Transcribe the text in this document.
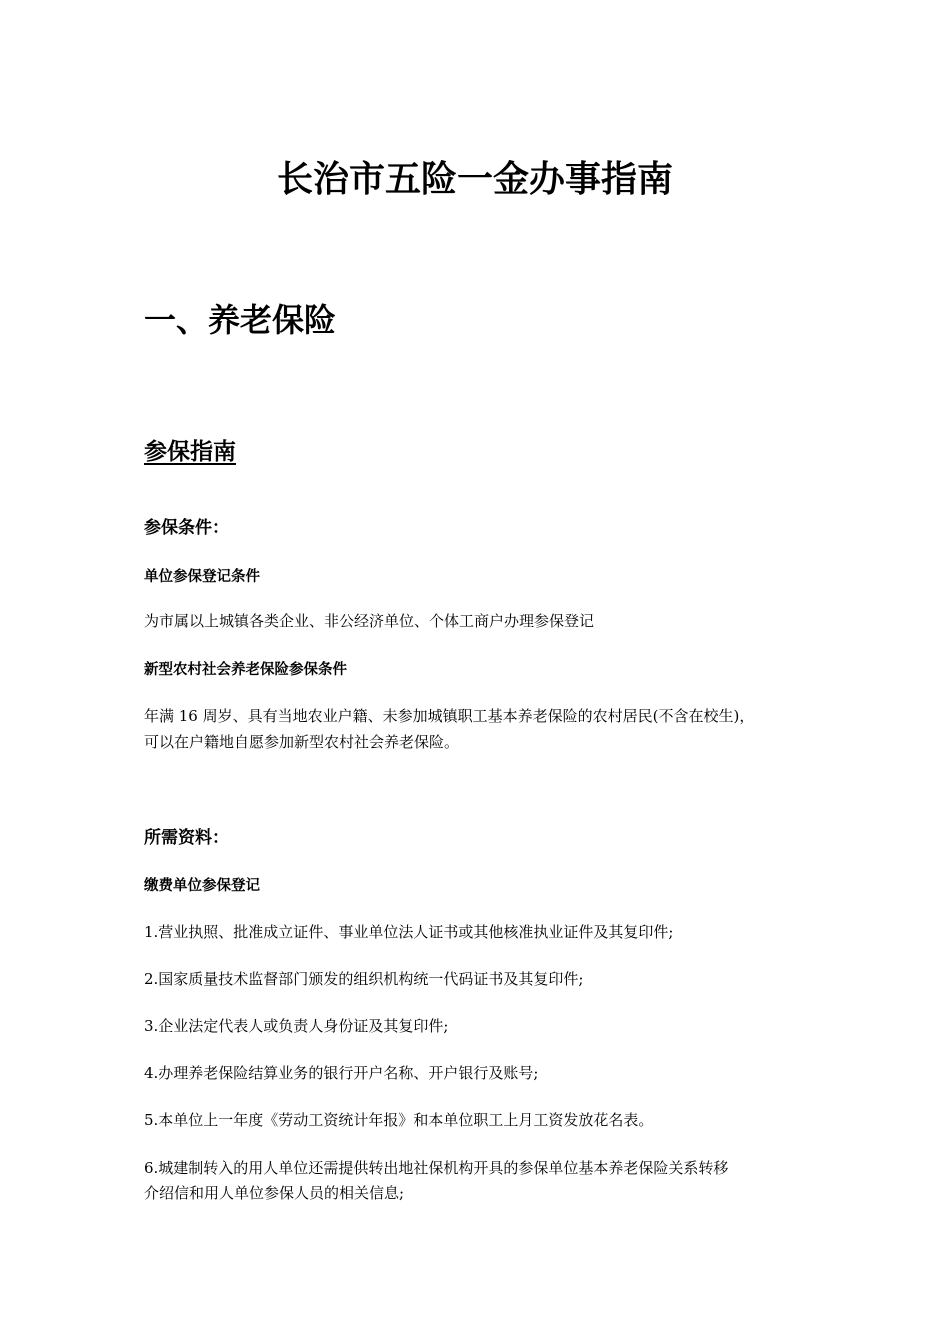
长治市五险一金办事指南
一、养老保险
参保指南
参保条件：
单位参保登记条件

为市属以上城镇各类企业、非公经济单位、个体工商户办理参保登记

新型农村社会养老保险参保条件

年满 16 周岁、具有当地农业户籍、未参加城镇职工基本养老保险的农村居民(不含在校生)，

可以在户籍地自愿参加新型农村社会养老保险。

所需资料：
缴费单位参保登记

1.营业执照、批准成立证件、事业单位法人证书或其他核准执业证件及其复印件;

2.国家质量技术监督部门颁发的组织机构统一代码证书及其复印件;

3.企业法定代表人或负责人身份证及其复印件;

4.办理养老保险结算业务的银行开户名称、开户银行及账号;

5.本单位上一年度《劳动工资统计年报》和本单位职工上月工资发放花名表。

6.城建制转入的用人单位还需提供转出地社保机构开具的参保单位基本养老保险关系转移

介绍信和用人单位参保人员的相关信息;
